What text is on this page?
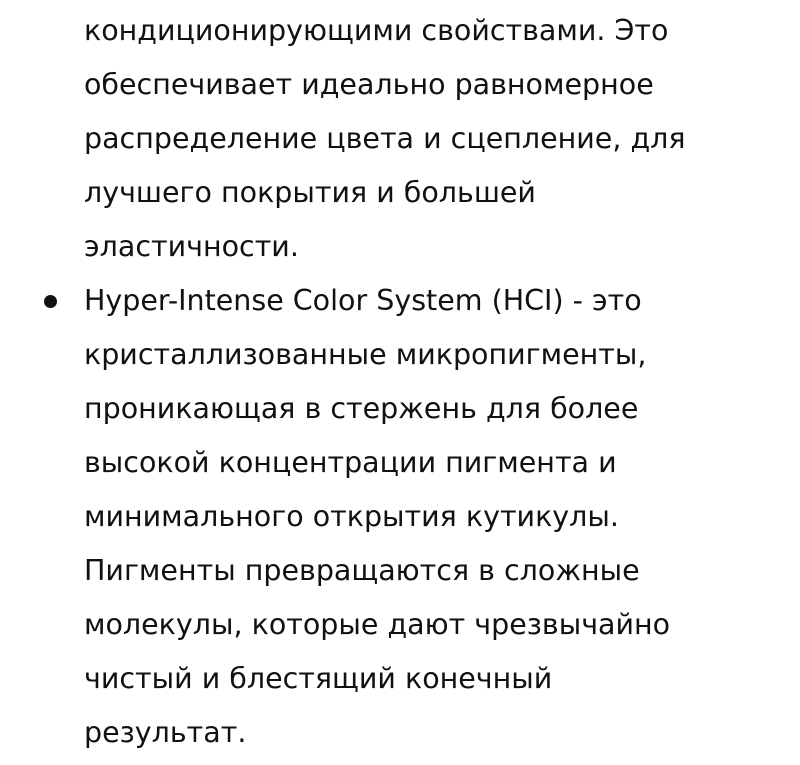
кондиционирующими свойствами. Это
обеспечивает идеально равномерное
распределение цвета и сцепление, для
лучшего покрытия и большей
эластичности.
Hyper-Intense Color System (HCI) - это
кристаллизованные микропигменты,
проникающая в стержень для более
высокой концентрации пигмента и
минимального открытия кутикулы.
Пигменты превращаются в сложные
молекулы, которые дают чрезвычайно
чистый и блестящий конечный
результат.
